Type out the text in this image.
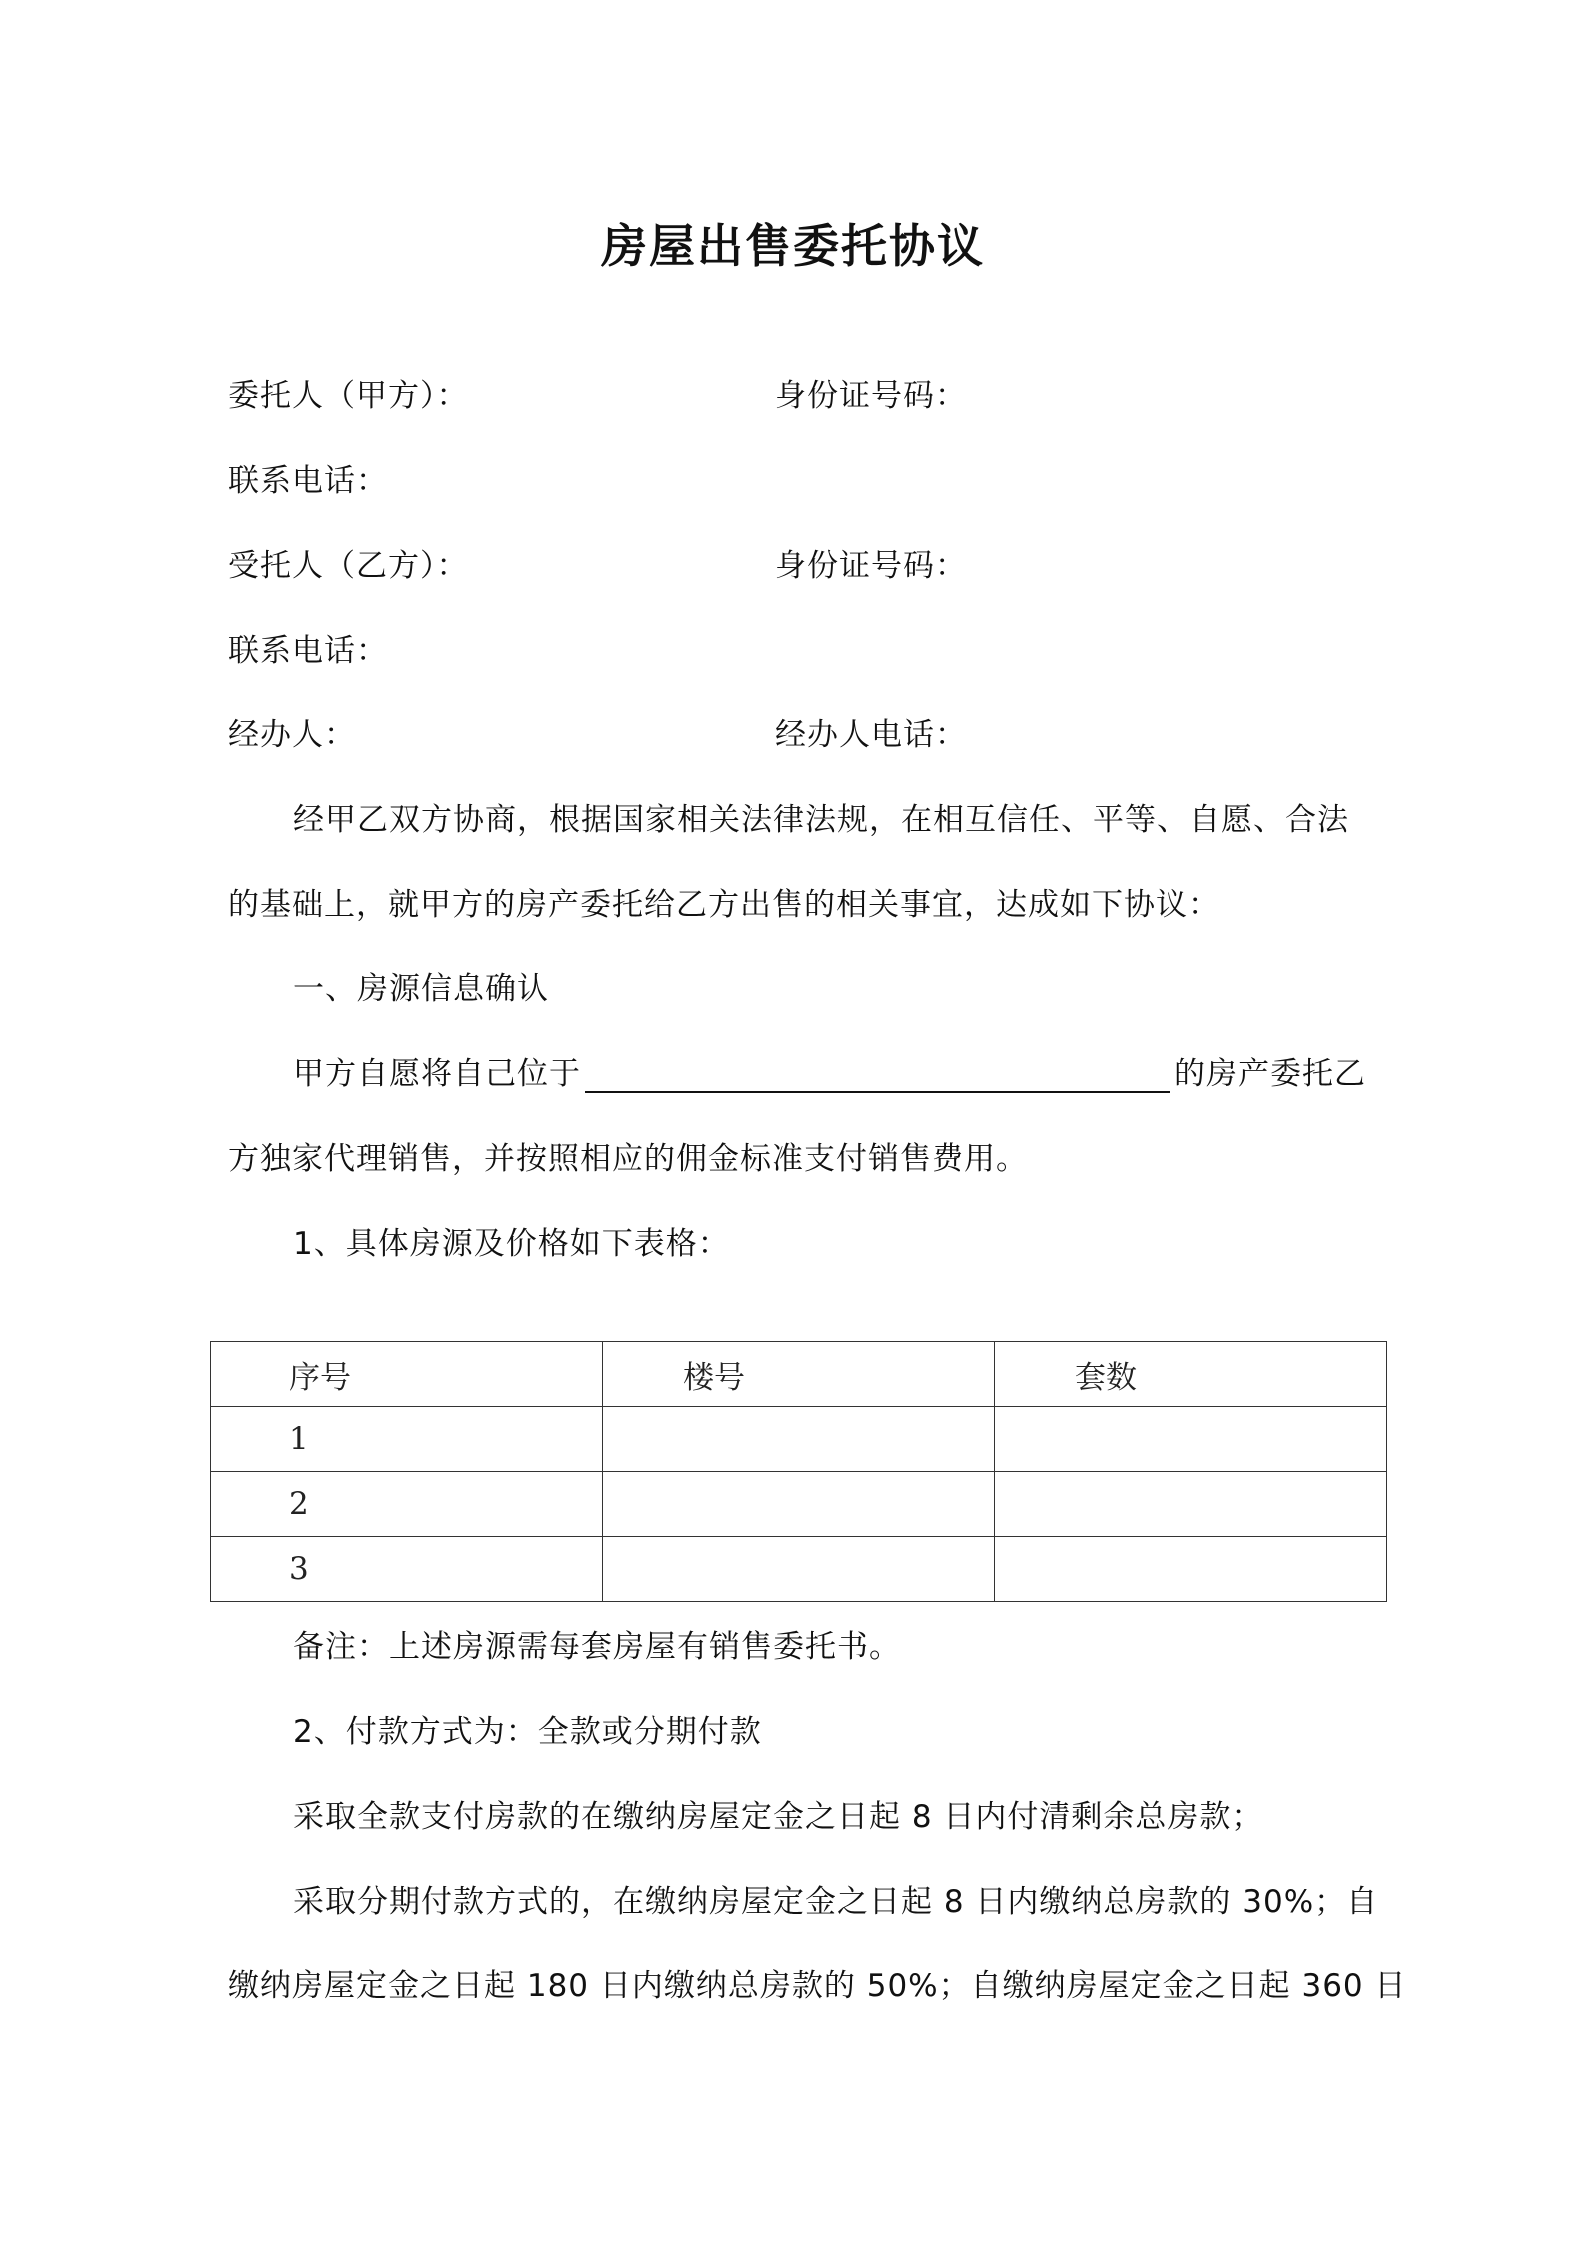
房屋出售委托协议
委托人（甲方）：	身份证号码：
联系电话：
受托人（乙方）：	身份证号码：
联系电话：
经办人：	经办人电话：
经甲乙双方协商，根据国家相关法律法规，在相互信任、平等、自愿、合法
的基础上，就甲方的房产委托给乙方出售的相关事宜，达成如下协议：
一、房源信息确认
甲方自愿将自己位于	的房产委托乙
方独家代理销售，并按照相应的佣金标准支付销售费用。
1、具体房源及价格如下表格：
序号	楼号	套数
1		
2		
3		
备注：上述房源需每套房屋有销售委托书。
2、付款方式为：全款或分期付款
采取全款支付房款的在缴纳房屋定金之日起 8 日内付清剩余总房款；
采取分期付款方式的，在缴纳房屋定金之日起 8 日内缴纳总房款的 30%；自
缴纳房屋定金之日起 180 日内缴纳总房款的 50%；自缴纳房屋定金之日起 360 日
